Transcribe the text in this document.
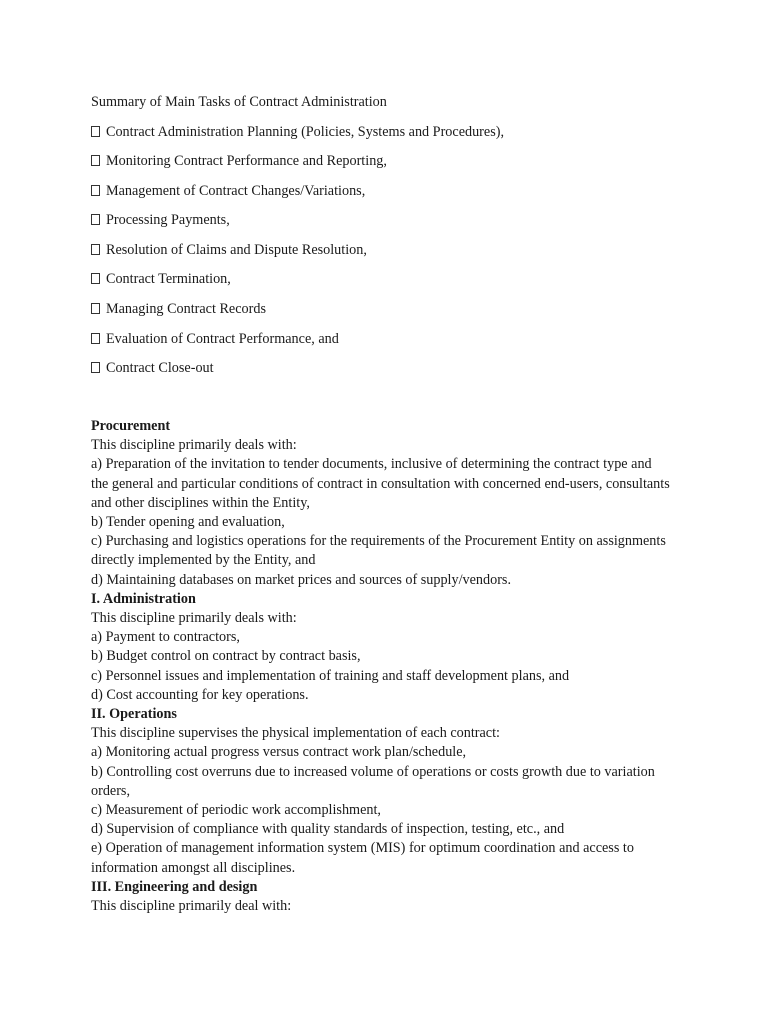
Summary of Main Tasks of Contract Administration
Contract Administration Planning (Policies, Systems and Procedures),
Monitoring Contract Performance and Reporting,
Management of Contract Changes/Variations,
Processing Payments,
Resolution of Claims and Dispute Resolution,
Contract Termination,
Managing Contract Records
Evaluation of Contract Performance, and
Contract Close-out
Procurement

This discipline primarily deals with:

a) Preparation of the invitation to tender documents, inclusive of determining the contract type and the general and particular conditions of contract in consultation with concerned end-users, consultants and other disciplines within the Entity,

b) Tender opening and evaluation,

c) Purchasing and logistics operations for the requirements of the Procurement Entity on assignments directly implemented by the Entity, and

d) Maintaining databases on market prices and sources of supply/vendors.

I. Administration

This discipline primarily deals with:

a) Payment to contractors,

b) Budget control on contract by contract basis,

c) Personnel issues and implementation of training and staff development plans, and

d) Cost accounting for key operations.

II. Operations

This discipline supervises the physical implementation of each contract:

a) Monitoring actual progress versus contract work plan/schedule,

b) Controlling cost overruns due to increased volume of operations or costs growth due to variation orders,

c) Measurement of periodic work accomplishment,

d) Supervision of compliance with quality standards of inspection, testing, etc., and

e) Operation of management information system (MIS) for optimum coordination and access to information amongst all disciplines.

III. Engineering and design

This discipline primarily deal with:
